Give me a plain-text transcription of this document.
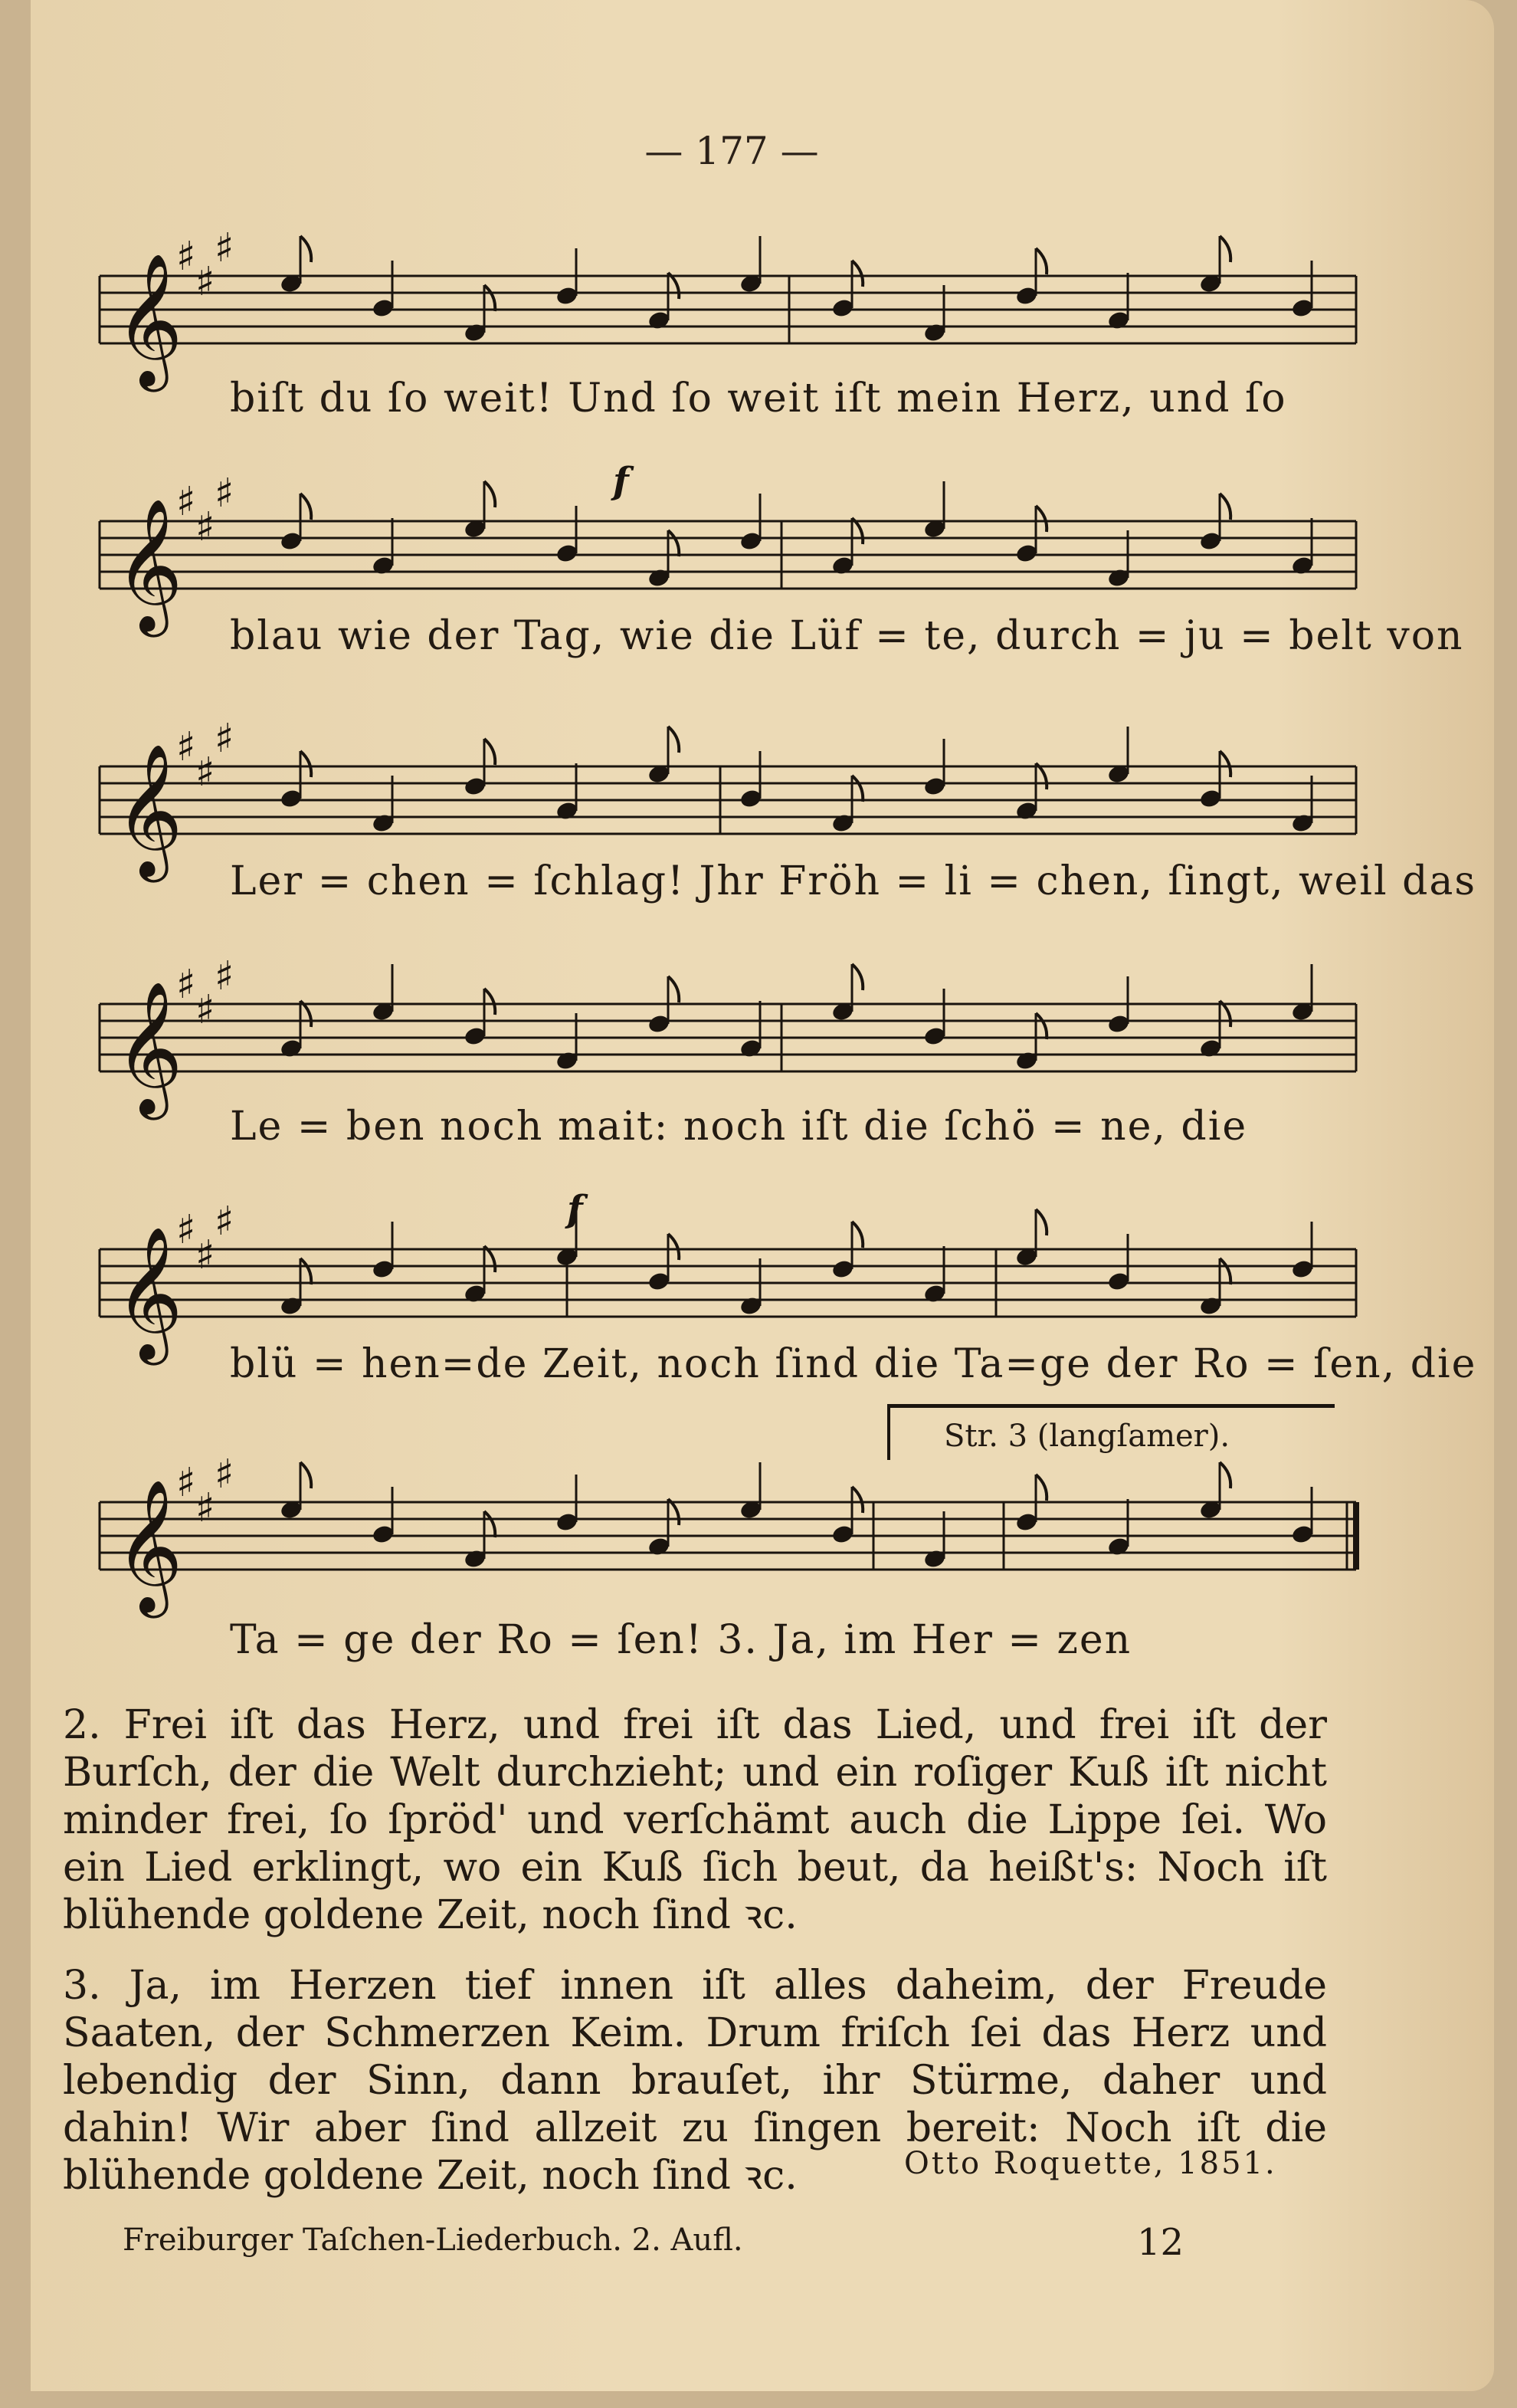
— 177 —
𝄞
♯
♯
♯
biſt du ſo weit! Und ſo weit iſt mein Herz, und ſo
𝄞
♯
♯
♯
blau wie der Tag, wie die Lüf = te, durch = ju = belt von
f
𝄞
♯
♯
♯
Ler = chen = ſchlag! Jhr Fröh = li = chen, ſingt, weil das
𝄞
♯
♯
♯
Le = ben noch mait: noch iſt die ſchö = ne, die
𝄞
♯
♯
♯
blü = hen=de Zeit, noch ſind die Ta=ge der Ro = ſen, die
f
𝄞
♯
♯
♯
Ta = ge der Ro = ſen! 3. Ja, im Her = zen
Str. 3 (langſamer).
2. Frei iſt das Herz, und frei iſt das Lied, und frei iſt der Burſch, der die Welt durchzieht; und ein roſiger Kuß iſt nicht minder frei, ſo ſpröd' und verſchämt auch die Lippe ſei. Wo ein Lied erklingt, wo ein Kuß ſich beut, da heißt's: Noch iſt blühende goldene Zeit, noch ſind ꝛc.
3. Ja, im Herzen tief innen iſt alles daheim, der Freude Saaten, der Schmerzen Keim. Drum friſch ſei das Herz und lebendig der Sinn, dann brauſet, ihr Stürme, daher und dahin! Wir aber ſind allzeit zu ſingen bereit: Noch iſt die blühende goldene Zeit, noch ſind ꝛc.	Otto Roquette, 1851.
Freiburger Taſchen-Liederbuch. 2. Aufl.	12
